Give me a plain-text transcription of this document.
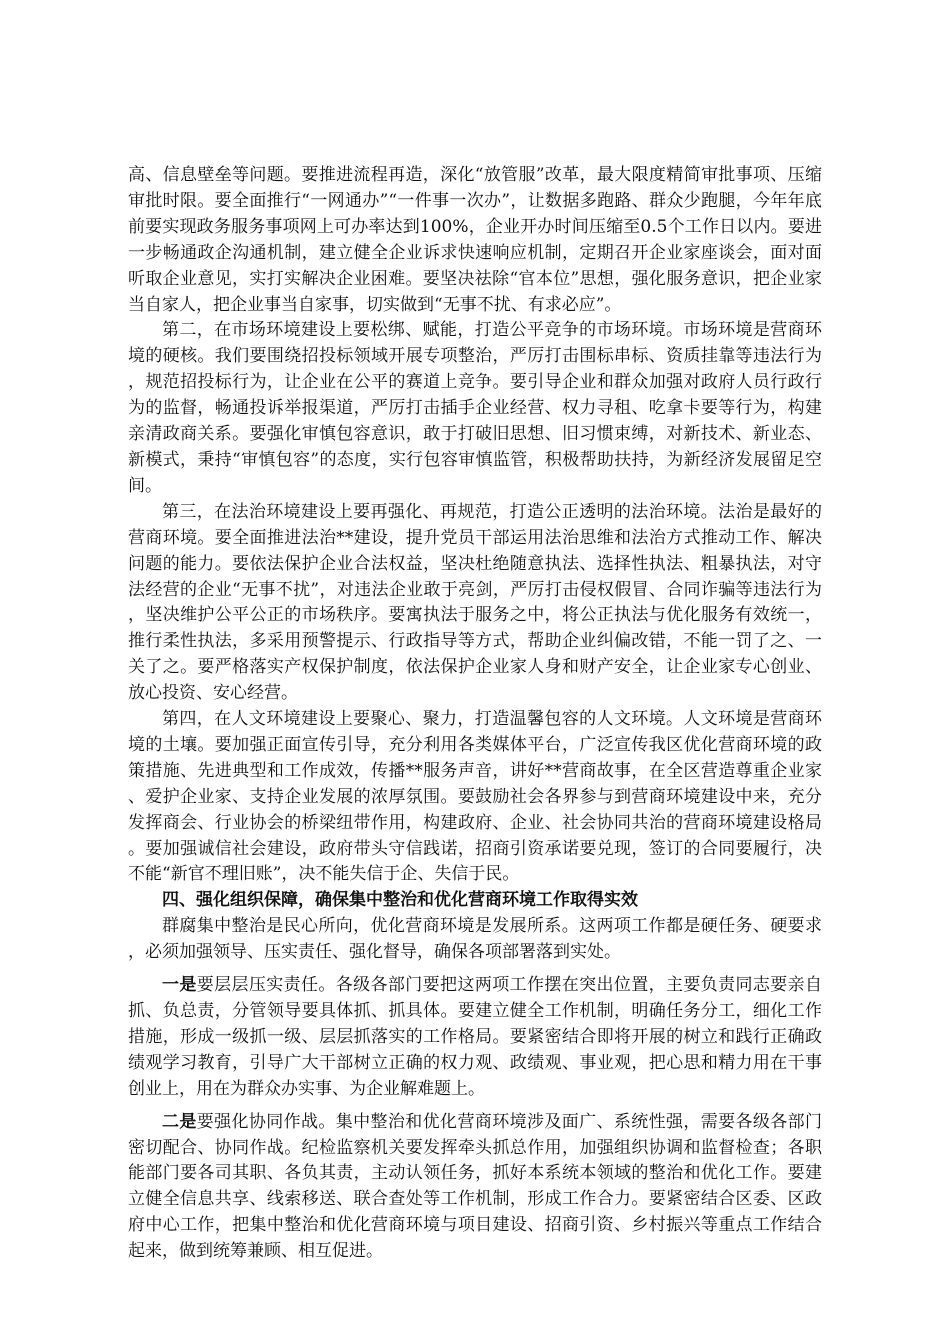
高、信息壁垒等问题。要推进流程再造，深化“放管服”改革，最大限度精简审批事项、压缩审批时限。要全面推行“一网通办”“一件事一次办”，让数据多跑路、群众少跑腿，今年年底前要实现政务服务事项网上可办率达到100%，企业开办时间压缩至0.5个工作日以内。要进一步畅通政企沟通机制，建立健全企业诉求快速响应机制，定期召开企业家座谈会，面对面听取企业意见，实打实解决企业困难。要坚决祛除“官本位”思想，强化服务意识，把企业家当自家人，把企业事当自家事，切实做到“无事不扰、有求必应”。

第二，在市场环境建设上要松绑、赋能，打造公平竞争的市场环境。市场环境是营商环境的硬核。我们要围绕招投标领域开展专项整治，严厉打击围标串标、资质挂靠等违法行为，规范招投标行为，让企业在公平的赛道上竞争。要引导企业和群众加强对政府人员行政行为的监督，畅通投诉举报渠道，严厉打击插手企业经营、权力寻租、吃拿卡要等行为，构建亲清政商关系。要强化审慎包容意识，敢于打破旧思想、旧习惯束缚，对新技术、新业态、新模式，秉持“审慎包容”的态度，实行包容审慎监管，积极帮助扶持，为新经济发展留足空间。

第三，在法治环境建设上要再强化、再规范，打造公正透明的法治环境。法治是最好的营商环境。要全面推进法治**建设，提升党员干部运用法治思维和法治方式推动工作、解决问题的能力。要依法保护企业合法权益，坚决杜绝随意执法、选择性执法、粗暴执法，对守法经营的企业“无事不扰”，对违法企业敢于亮剑，严厉打击侵权假冒、合同诈骗等违法行为，坚决维护公平公正的市场秩序。要寓执法于服务之中，将公正执法与优化服务有效统一，推行柔性执法，多采用预警提示、行政指导等方式，帮助企业纠偏改错，不能一罚了之、一关了之。要严格落实产权保护制度，依法保护企业家人身和财产安全，让企业家专心创业、放心投资、安心经营。

第四，在人文环境建设上要聚心、聚力，打造温馨包容的人文环境。人文环境是营商环境的土壤。要加强正面宣传引导，充分利用各类媒体平台，广泛宣传我区优化营商环境的政策措施、先进典型和工作成效，传播**服务声音，讲好**营商故事，在全区营造尊重企业家、爱护企业家、支持企业发展的浓厚氛围。要鼓励社会各界参与到营商环境建设中来，充分发挥商会、行业协会的桥梁纽带作用，构建政府、企业、社会协同共治的营商环境建设格局。要加强诚信社会建设，政府带头守信践诺，招商引资承诺要兑现，签订的合同要履行，决不能“新官不理旧账”，决不能失信于企、失信于民。

四、强化组织保障，确保集中整治和优化营商环境工作取得实效

群腐集中整治是民心所向，优化营商环境是发展所系。这两项工作都是硬任务、硬要求，必须加强领导、压实责任、强化督导，确保各项部署落到实处。

一是要层层压实责任。各级各部门要把这两项工作摆在突出位置，主要负责同志要亲自抓、负总责，分管领导要具体抓、抓具体。要建立健全工作机制，明确任务分工，细化工作措施，形成一级抓一级、层层抓落实的工作格局。要紧密结合即将开展的树立和践行正确政绩观学习教育，引导广大干部树立正确的权力观、政绩观、事业观，把心思和精力用在干事创业上，用在为群众办实事、为企业解难题上。

二是要强化协同作战。集中整治和优化营商环境涉及面广、系统性强，需要各级各部门密切配合、协同作战。纪检监察机关要发挥牵头抓总作用，加强组织协调和监督检查；各职能部门要各司其职、各负其责，主动认领任务，抓好本系统本领域的整治和优化工作。要建立健全信息共享、线索移送、联合查处等工作机制，形成工作合力。要紧密结合区委、区政府中心工作，把集中整治和优化营商环境与项目建设、招商引资、乡村振兴等重点工作结合起来，做到统筹兼顾、相互促进。
